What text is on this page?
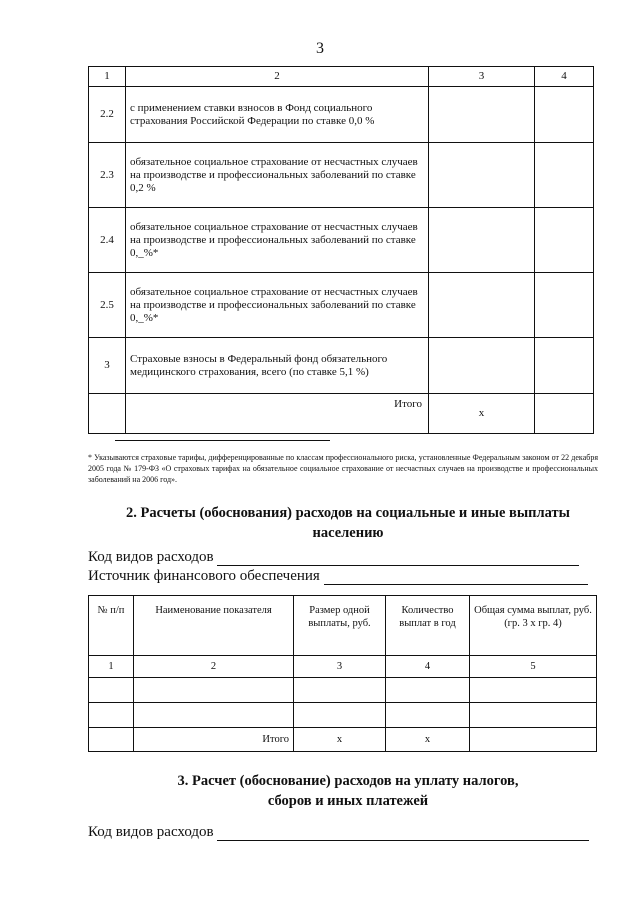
3
1	2	3	4
2.2	с применением ставки взносов в Фонд социального страхования Российской Федерации по ставке 0,0 %		
2.3	обязательное социальное страхование от несчастных случаев на производстве и профессиональных заболеваний по ставке 0,2 %		
2.4	обязательное социальное страхование от несчастных случаев на производстве и профессиональных заболеваний по ставке 0,_%*		
2.5	обязательное социальное страхование от несчастных случаев на производстве и профессиональных заболеваний по ставке 0,_%*		
3	Страховые взносы в Федеральный фонд обязательного медицинского страхования, всего (по ставке 5,1 %)		
	Итого	x	
* Указываются страховые тарифы, дифференцированные по классам профессионального риска, установленные Федеральным законом от 22 декабря 2005 года № 179-ФЗ «О страховых тарифах на обязательное социальное страхование от несчастных случаев на производстве и профессиональных заболеваний на 2006 год».
2. Расчеты (обоснования) расходов на социальные и иные выплаты
населению
Код видов расходов
Источник финансового обеспечения
№ п/п	Наименование показателя	Размер одной выплаты, руб.	Количество выплат в год	Общая сумма выплат, руб. (гр. 3 х гр. 4)
1	2	3	4	5

	Итого	х	х	
3. Расчет (обоснование) расходов на уплату налогов,
сборов и иных платежей
Код видов расходов
